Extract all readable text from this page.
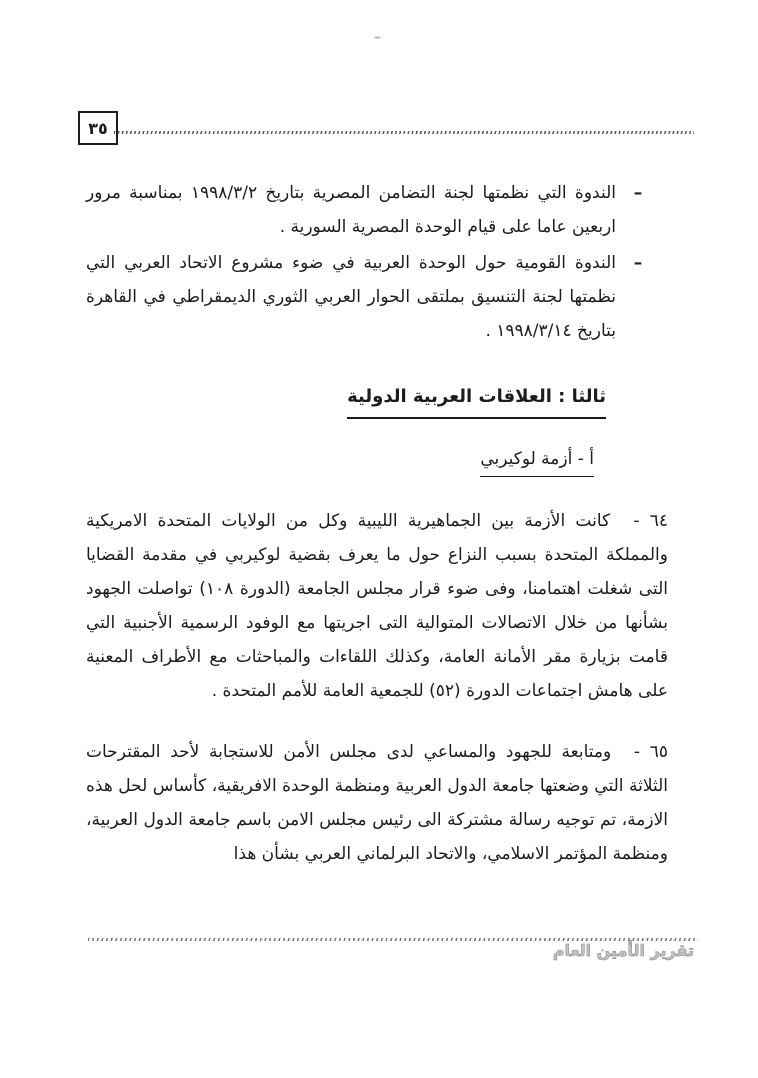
٣٥
–

الندوة التي نظمتها لجنة التضامن المصرية بتاريخ ١٩٩٨/٣/٢ بمناسبة مرور اربعين عاما على قيام الوحدة المصرية السورية .

–

الندوة القومية حول الوحدة العربية في ضوء مشروع الاتحاد العربي التي نظمتها لجنة التنسيق بملتقى الحوار العربي الثوري الديمقراطي في القاهرة بتاريخ ١٩٩٨/٣/١٤ .

ثالثا : العلاقات العربية الدولية
أ - أزمة لوكيربي
٦٤ - كانت الأزمة بين الجماهيرية الليبية وكل من الولايات المتحدة الامريكية والمملكة المتحدة بسبب النزاع حول ما يعرف بقضية لوكيربي في مقدمة القضايا التى شغلت اهتمامنا، وفى ضوء قرار مجلس الجامعة (الدورة ١٠٨) تواصلت الجهود بشأنها من خلال الاتصالات المتوالية التى اجريتها مع الوفود الرسمية الأجنبية التي قامت بزيارة مقر الأمانة العامة، وكذلك اللقاءات والمباحثات مع الأطراف المعنية على هامش اجتماعات الدورة (٥٢) للجمعية العامة للأمم المتحدة .
٦٥ - ومتابعة للجهود والمساعي لدى مجلس الأمن للاستجابة لأحد المقترحات الثلاثة التي وضعتها جامعة الدول العربية ومنظمة الوحدة الافريقية، كأساس لحل هذه الازمة، تم توجيه رسالة مشتركة الى رئيس مجلس الامن باسم جامعة الدول العربية، ومنظمة المؤتمر الاسلامي، والاتحاد البرلماني العربي بشأن هذا
تقرير الأمين العام
